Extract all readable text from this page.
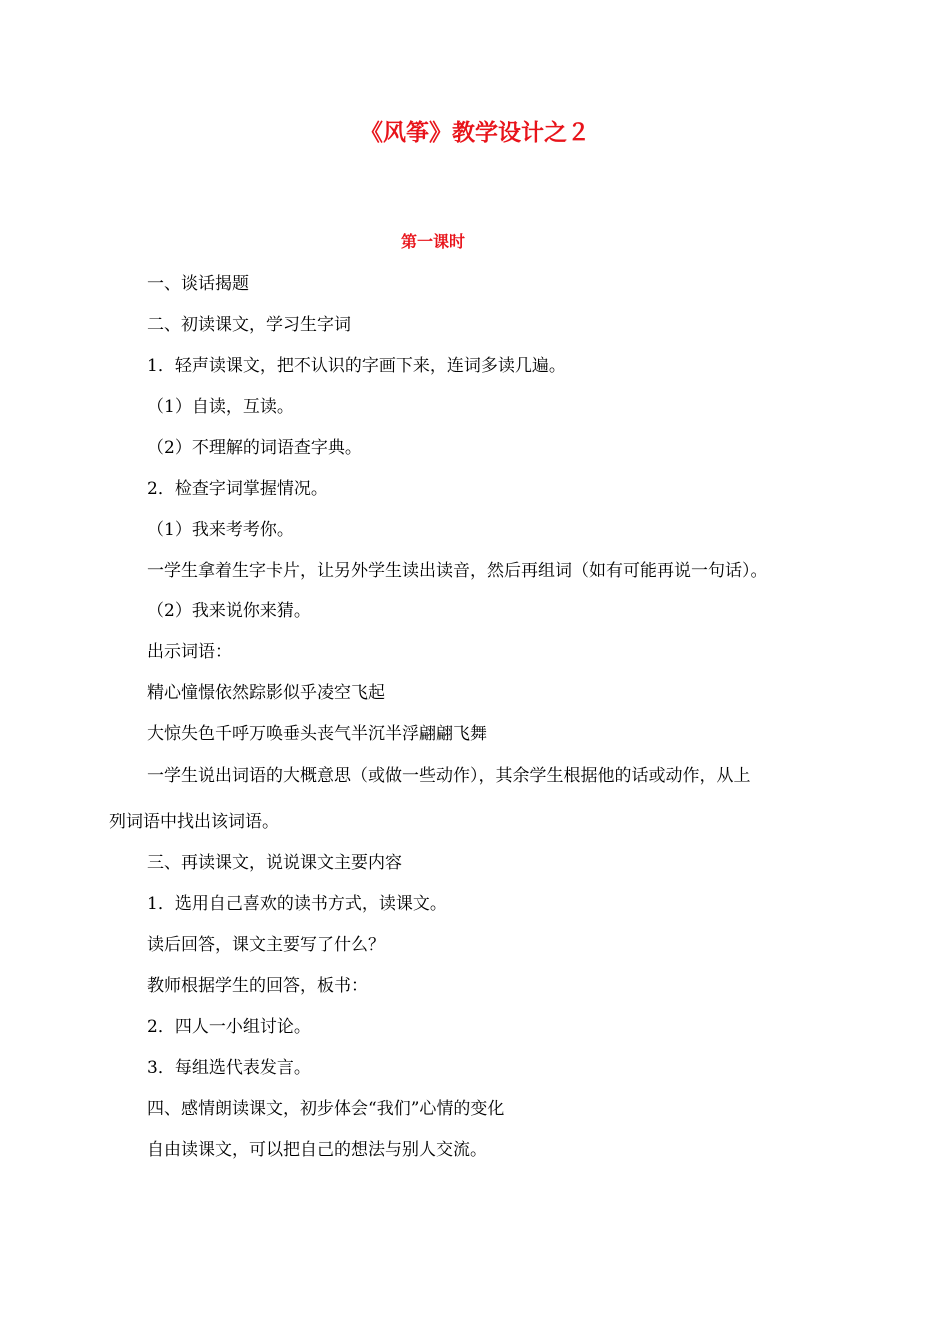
《风筝》教学设计之２
第一课时
一、谈话揭题
二、初读课文，学习生字词
1．轻声读课文，把不认识的字画下来，连词多读几遍。
（1）自读，互读。
（2）不理解的词语查字典。
2．检查字词掌握情况。
（1）我来考考你。
一学生拿着生字卡片，让另外学生读出读音，然后再组词（如有可能再说一句话）。
（2）我来说你来猜。
出示词语：
精心憧憬依然踪影似乎凌空飞起
大惊失色千呼万唤垂头丧气半沉半浮翩翩飞舞
一学生说出词语的大概意思（或做一些动作），其余学生根据他的话或动作，从上
列词语中找出该词语。
三、再读课文，说说课文主要内容
1．选用自己喜欢的读书方式，读课文。
读后回答，课文主要写了什么？
教师根据学生的回答，板书：
2．四人一小组讨论。
3．每组选代表发言。
四、感情朗读课文，初步体会“我们”心情的变化
自由读课文，可以把自己的想法与别人交流。
